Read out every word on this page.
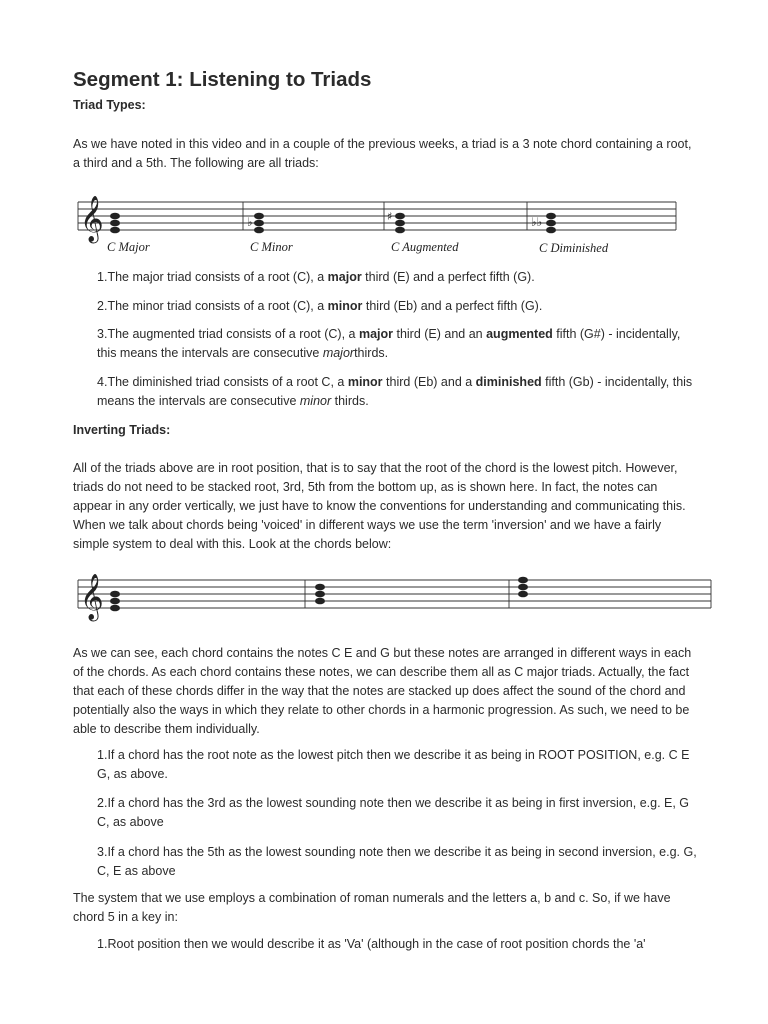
Segment 1: Listening to Triads

Triad Types:

As we have noted in this video and in a couple of the previous weeks, a triad is a 3 note chord containing a root, a third and a 5th. The following are all triads:

𝄞	♭	♯	♭♭
C Major	C Minor	C Augmented	C Diminished

1.The major triad consists of a root (C), a major third (E) and a perfect fifth (G).

2.The minor triad consists of a root (C), a minor third (Eb) and a perfect fifth (G).

3.The augmented triad consists of a root (C), a major third (E) and an augmented fifth (G#) - incidentally, this means the intervals are consecutive majorthirds.

4.The diminished triad consists of a root C, a minor third (Eb) and a diminished fifth (Gb) - incidentally, this means the intervals are consecutive minor thirds.

Inverting Triads:

All of the triads above are in root position, that is to say that the root of the chord is the lowest pitch. However, triads do not need to be stacked root, 3rd, 5th from the bottom up, as is shown here. In fact, the notes can appear in any order vertically, we just have to know the conventions for understanding and communicating this. When we talk about chords being 'voiced' in different ways we use the term 'inversion' and we have a fairly simple system to deal with this. Look at the chords below:

𝄞

As we can see, each chord contains the notes C E and G but these notes are arranged in different ways in each of the chords. As each chord contains these notes, we can describe them all as C major triads. Actually, the fact that each of these chords differ in the way that the notes are stacked up does affect the sound of the chord and potentially also the ways in which they relate to other chords in a harmonic progression. As such, we need to be able to describe them individually.

1.If a chord has the root note as the lowest pitch then we describe it as being in ROOT POSITION, e.g. C E G, as above.

2.If a chord has the 3rd as the lowest sounding note then we describe it as being in first inversion, e.g. E, G C, as above

3.If a chord has the 5th as the lowest sounding note then we describe it as being in second inversion, e.g. G, C, E as above

The system that we use employs a combination of roman numerals and the letters a, b and c. So, if we have chord 5 in a key in:

1.Root position then we would describe it as 'Va' (although in the case of root position chords the 'a'
